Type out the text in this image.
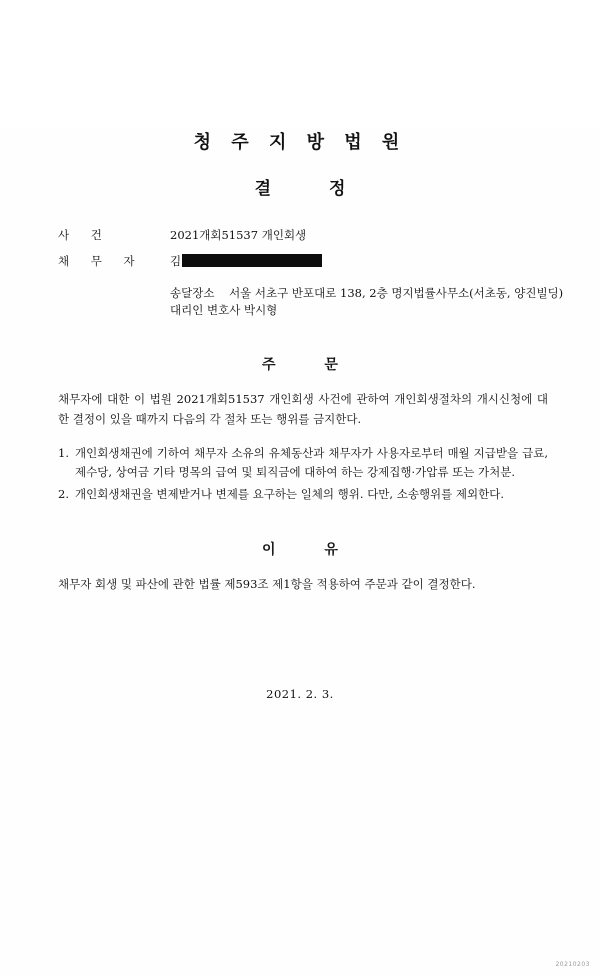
청 주 지 방 법 원
결 정
사 건	2021개회51537 개인회생
채 무 자	김
송달장소 서울 서초구 반포대로 138, 2층 명지법률사무소(서초동, 양진빌딩)
대리인 변호사 박시형
주 문
채무자에 대한 이 법원 2021개회51537 개인회생 사건에 관하여 개인회생절차의 개시신청에 대한 결정이 있을 때까지 다음의 각 절차 또는 행위를 금지한다.
1. 개인회생채권에 기하여 채무자 소유의 유체동산과 채무자가 사용자로부터 매월 지급받을 급료, 제수당, 상여금 기타 명목의 급여 및 퇴직금에 대하여 하는 강제집행·가압류 또는 가처분.
2. 개인회생채권을 변제받거나 변제를 요구하는 일체의 행위. 다만, 소송행위를 제외한다.
이 유
채무자 회생 및 파산에 관한 법률 제593조 제1항을 적용하여 주문과 같이 결정한다.
2021. 2. 3.
20210203
